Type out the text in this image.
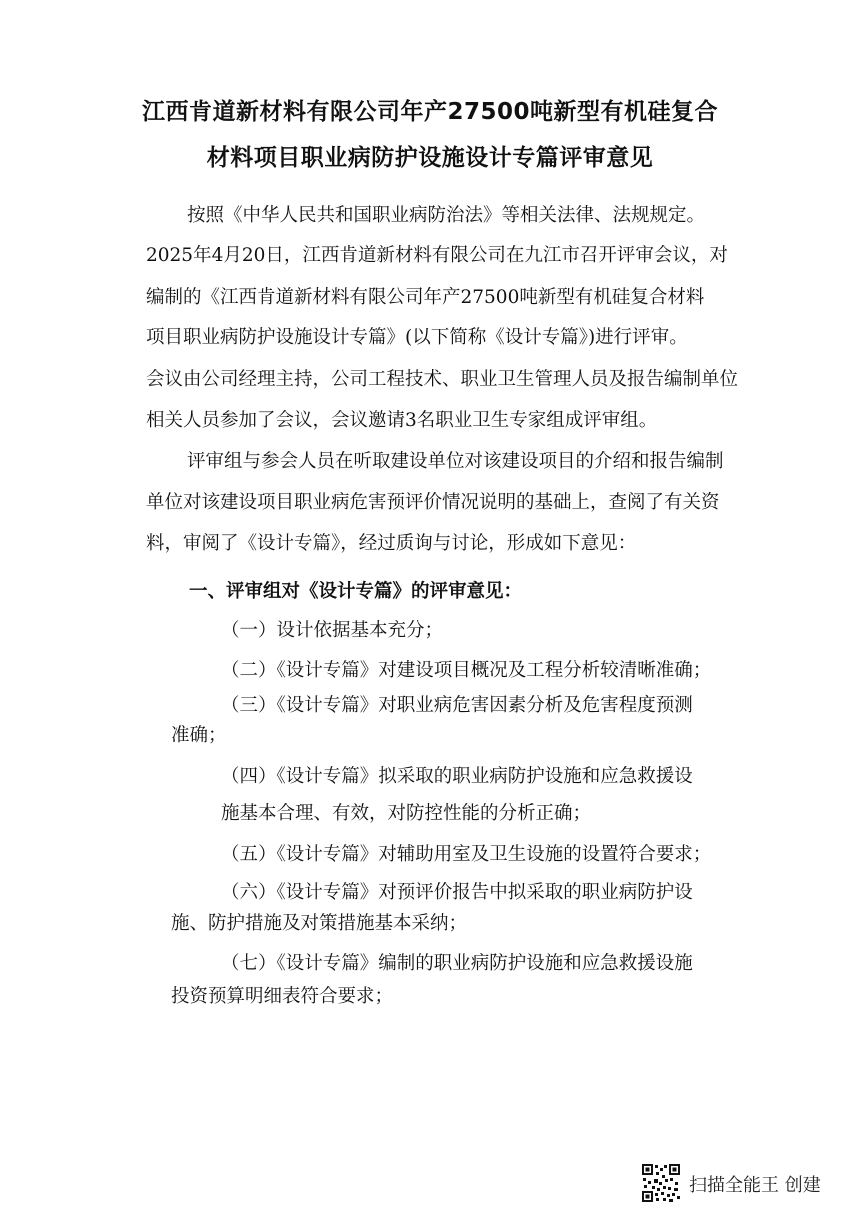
江西肯道新材料有限公司年产27500吨新型有机硅复合
材料项目职业病防护设施设计专篇评审意见
按照《中华人民共和国职业病防治法》等相关法律、法规规定。
2025年4月20日，江西肯道新材料有限公司在九江市召开评审会议，对
编制的《江西肯道新材料有限公司年产27500吨新型有机硅复合材料
项目职业病防护设施设计专篇》(以下简称《设计专篇》)进行评审。
会议由公司经理主持，公司工程技术、职业卫生管理人员及报告编制单位
相关人员参加了会议，会议邀请3名职业卫生专家组成评审组。
评审组与参会人员在听取建设单位对该建设项目的介绍和报告编制
单位对该建设项目职业病危害预评价情况说明的基础上，查阅了有关资
料，审阅了《设计专篇》，经过质询与讨论，形成如下意见：
一、评审组对《设计专篇》的评审意见：
（一）设计依据基本充分；
（二）《设计专篇》对建设项目概况及工程分析较清晰准确；
（三）《设计专篇》对职业病危害因素分析及危害程度预测
准确；
（四）《设计专篇》拟采取的职业病防护设施和应急救援设
施基本合理、有效，对防控性能的分析正确；
（五）《设计专篇》对辅助用室及卫生设施的设置符合要求；
（六）《设计专篇》对预评价报告中拟采取的职业病防护设
施、防护措施及对策措施基本采纳；
（七）《设计专篇》编制的职业病防护设施和应急救援设施
投资预算明细表符合要求；
扫描全能王 创建
